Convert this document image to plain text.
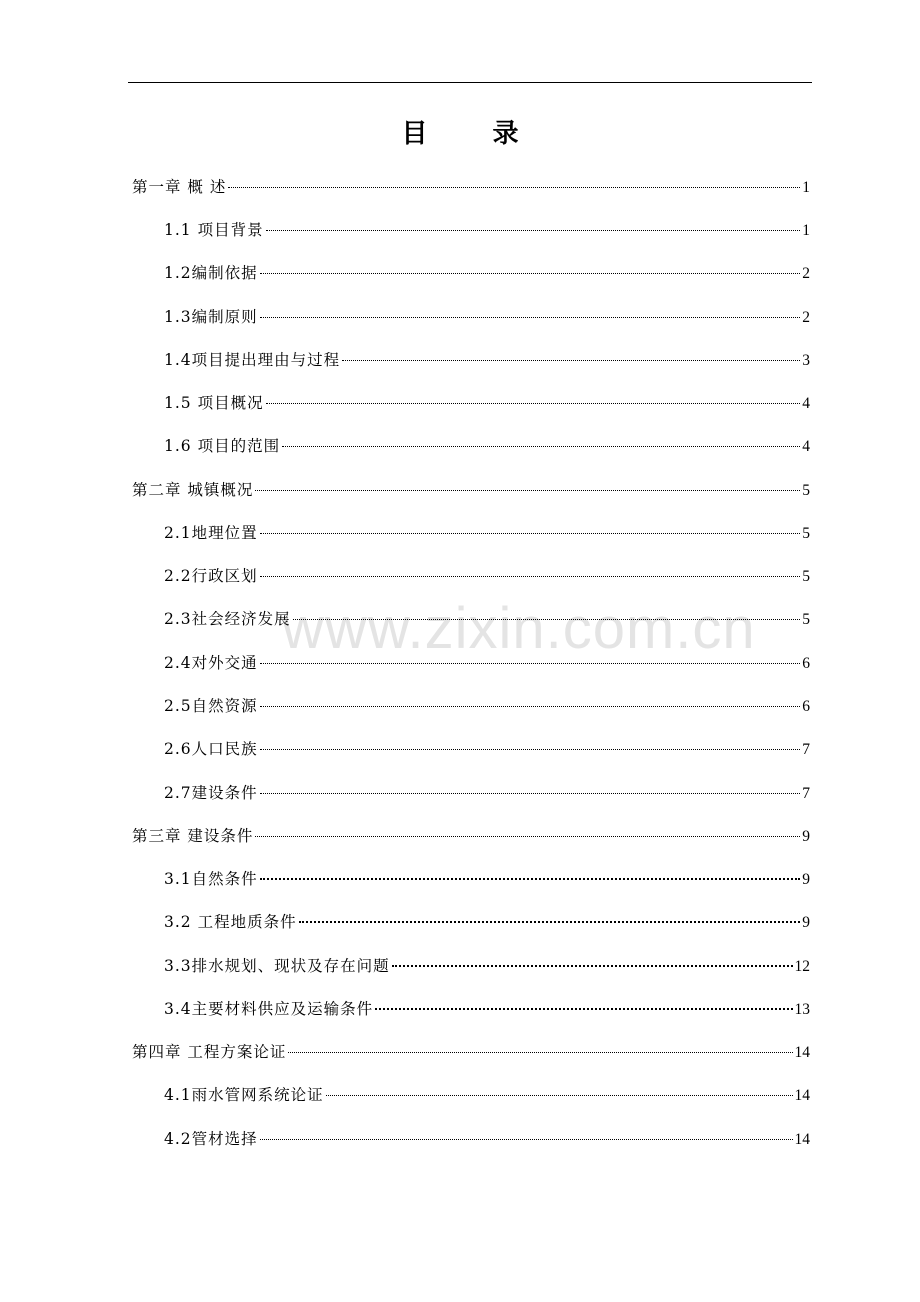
目 录
www.zixin.com.cn
第一章 概 述	1
1.1 项目背景	1
1.2编制依据	2
1.3编制原则	2
1.4项目提出理由与过程	3
1.5 项目概况	4
1.6 项目的范围	4
第二章 城镇概况	5
2.1地理位置	5
2.2行政区划	5
2.3社会经济发展	5
2.4对外交通	6
2.5自然资源	6
2.6人口民族	7
2.7建设条件	7
第三章 建设条件	9
3.1自然条件	9
3.2 工程地质条件	9
3.3排水规划、现状及存在问题	12
3.4主要材料供应及运输条件	13
第四章 工程方案论证	14
4.1雨水管网系统论证	14
4.2管材选择	14
